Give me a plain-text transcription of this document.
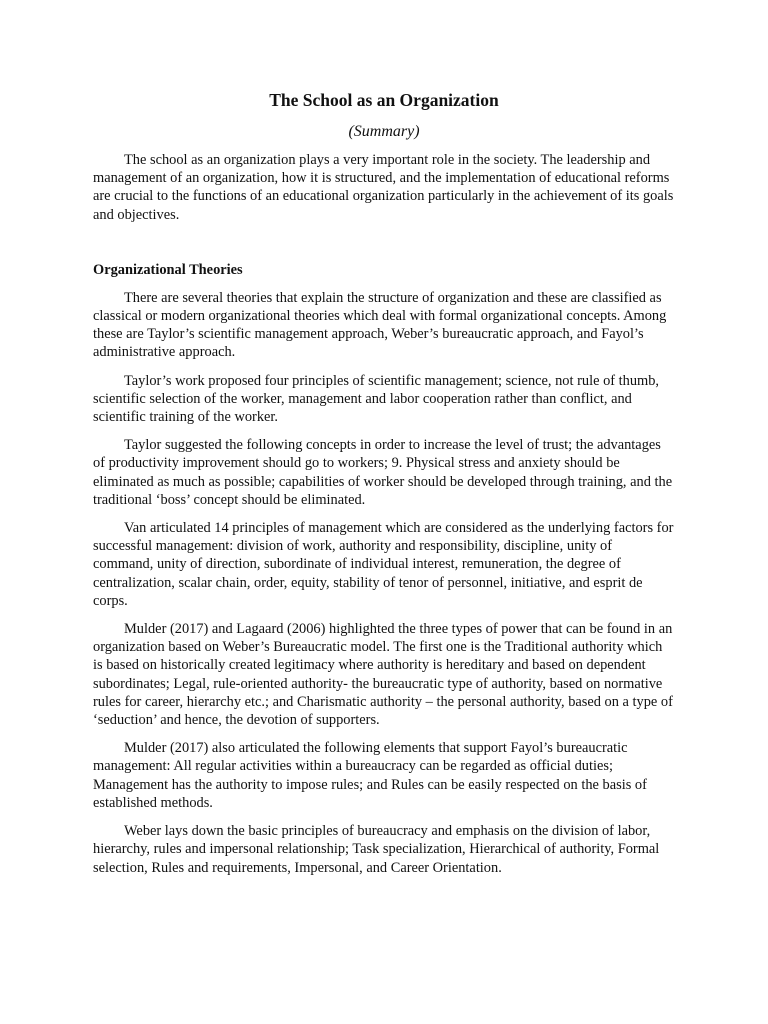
The School as an Organization

(Summary)

The school as an organization plays a very important role in the society. The leadership and management of an organization, how it is structured, and the implementation of educational reforms are crucial to the functions of an educational organization particularly in the achievement of its goals and objectives.

Organizational Theories

There are several theories that explain the structure of organization and these are classified as classical or modern organizational theories which deal with formal organizational concepts. Among these are Taylor’s scientific management approach, Weber’s bureaucratic approach, and Fayol’s administrative approach.

Taylor’s work proposed four principles of scientific management; science, not rule of thumb, scientific selection of the worker, management and labor cooperation rather than conflict, and scientific training of the worker.

Taylor suggested the following concepts in order to increase the level of trust; the advantages of productivity improvement should go to workers; 9. Physical stress and anxiety should be eliminated as much as possible; capabilities of worker should be developed through training, and the traditional ‘boss’ concept should be eliminated.

Van articulated 14 principles of management which are considered as the underlying factors for successful management: division of work, authority and responsibility, discipline, unity of command, unity of direction, subordinate of individual interest, remuneration, the degree of centralization, scalar chain, order, equity, stability of tenor of personnel, initiative, and esprit de corps.

Mulder (2017) and Lagaard (2006) highlighted the three types of power that can be found in an organization based on Weber’s Bureaucratic model. The first one is the Traditional authority which is based on historically created legitimacy where authority is hereditary and based on dependent subordinates; Legal, rule-oriented authority- the bureaucratic type of authority, based on normative rules for career, hierarchy etc.; and Charismatic authority – the personal authority, based on a type of ‘seduction’ and hence, the devotion of supporters.

Mulder (2017) also articulated the following elements that support Fayol’s bureaucratic management: All regular activities within a bureaucracy can be regarded as official duties; Management has the authority to impose rules; and Rules can be easily respected on the basis of established methods.

Weber lays down the basic principles of bureaucracy and emphasis on the division of labor, hierarchy, rules and impersonal relationship; Task specialization, Hierarchical of authority, Formal selection, Rules and requirements, Impersonal, and Career Orientation.
